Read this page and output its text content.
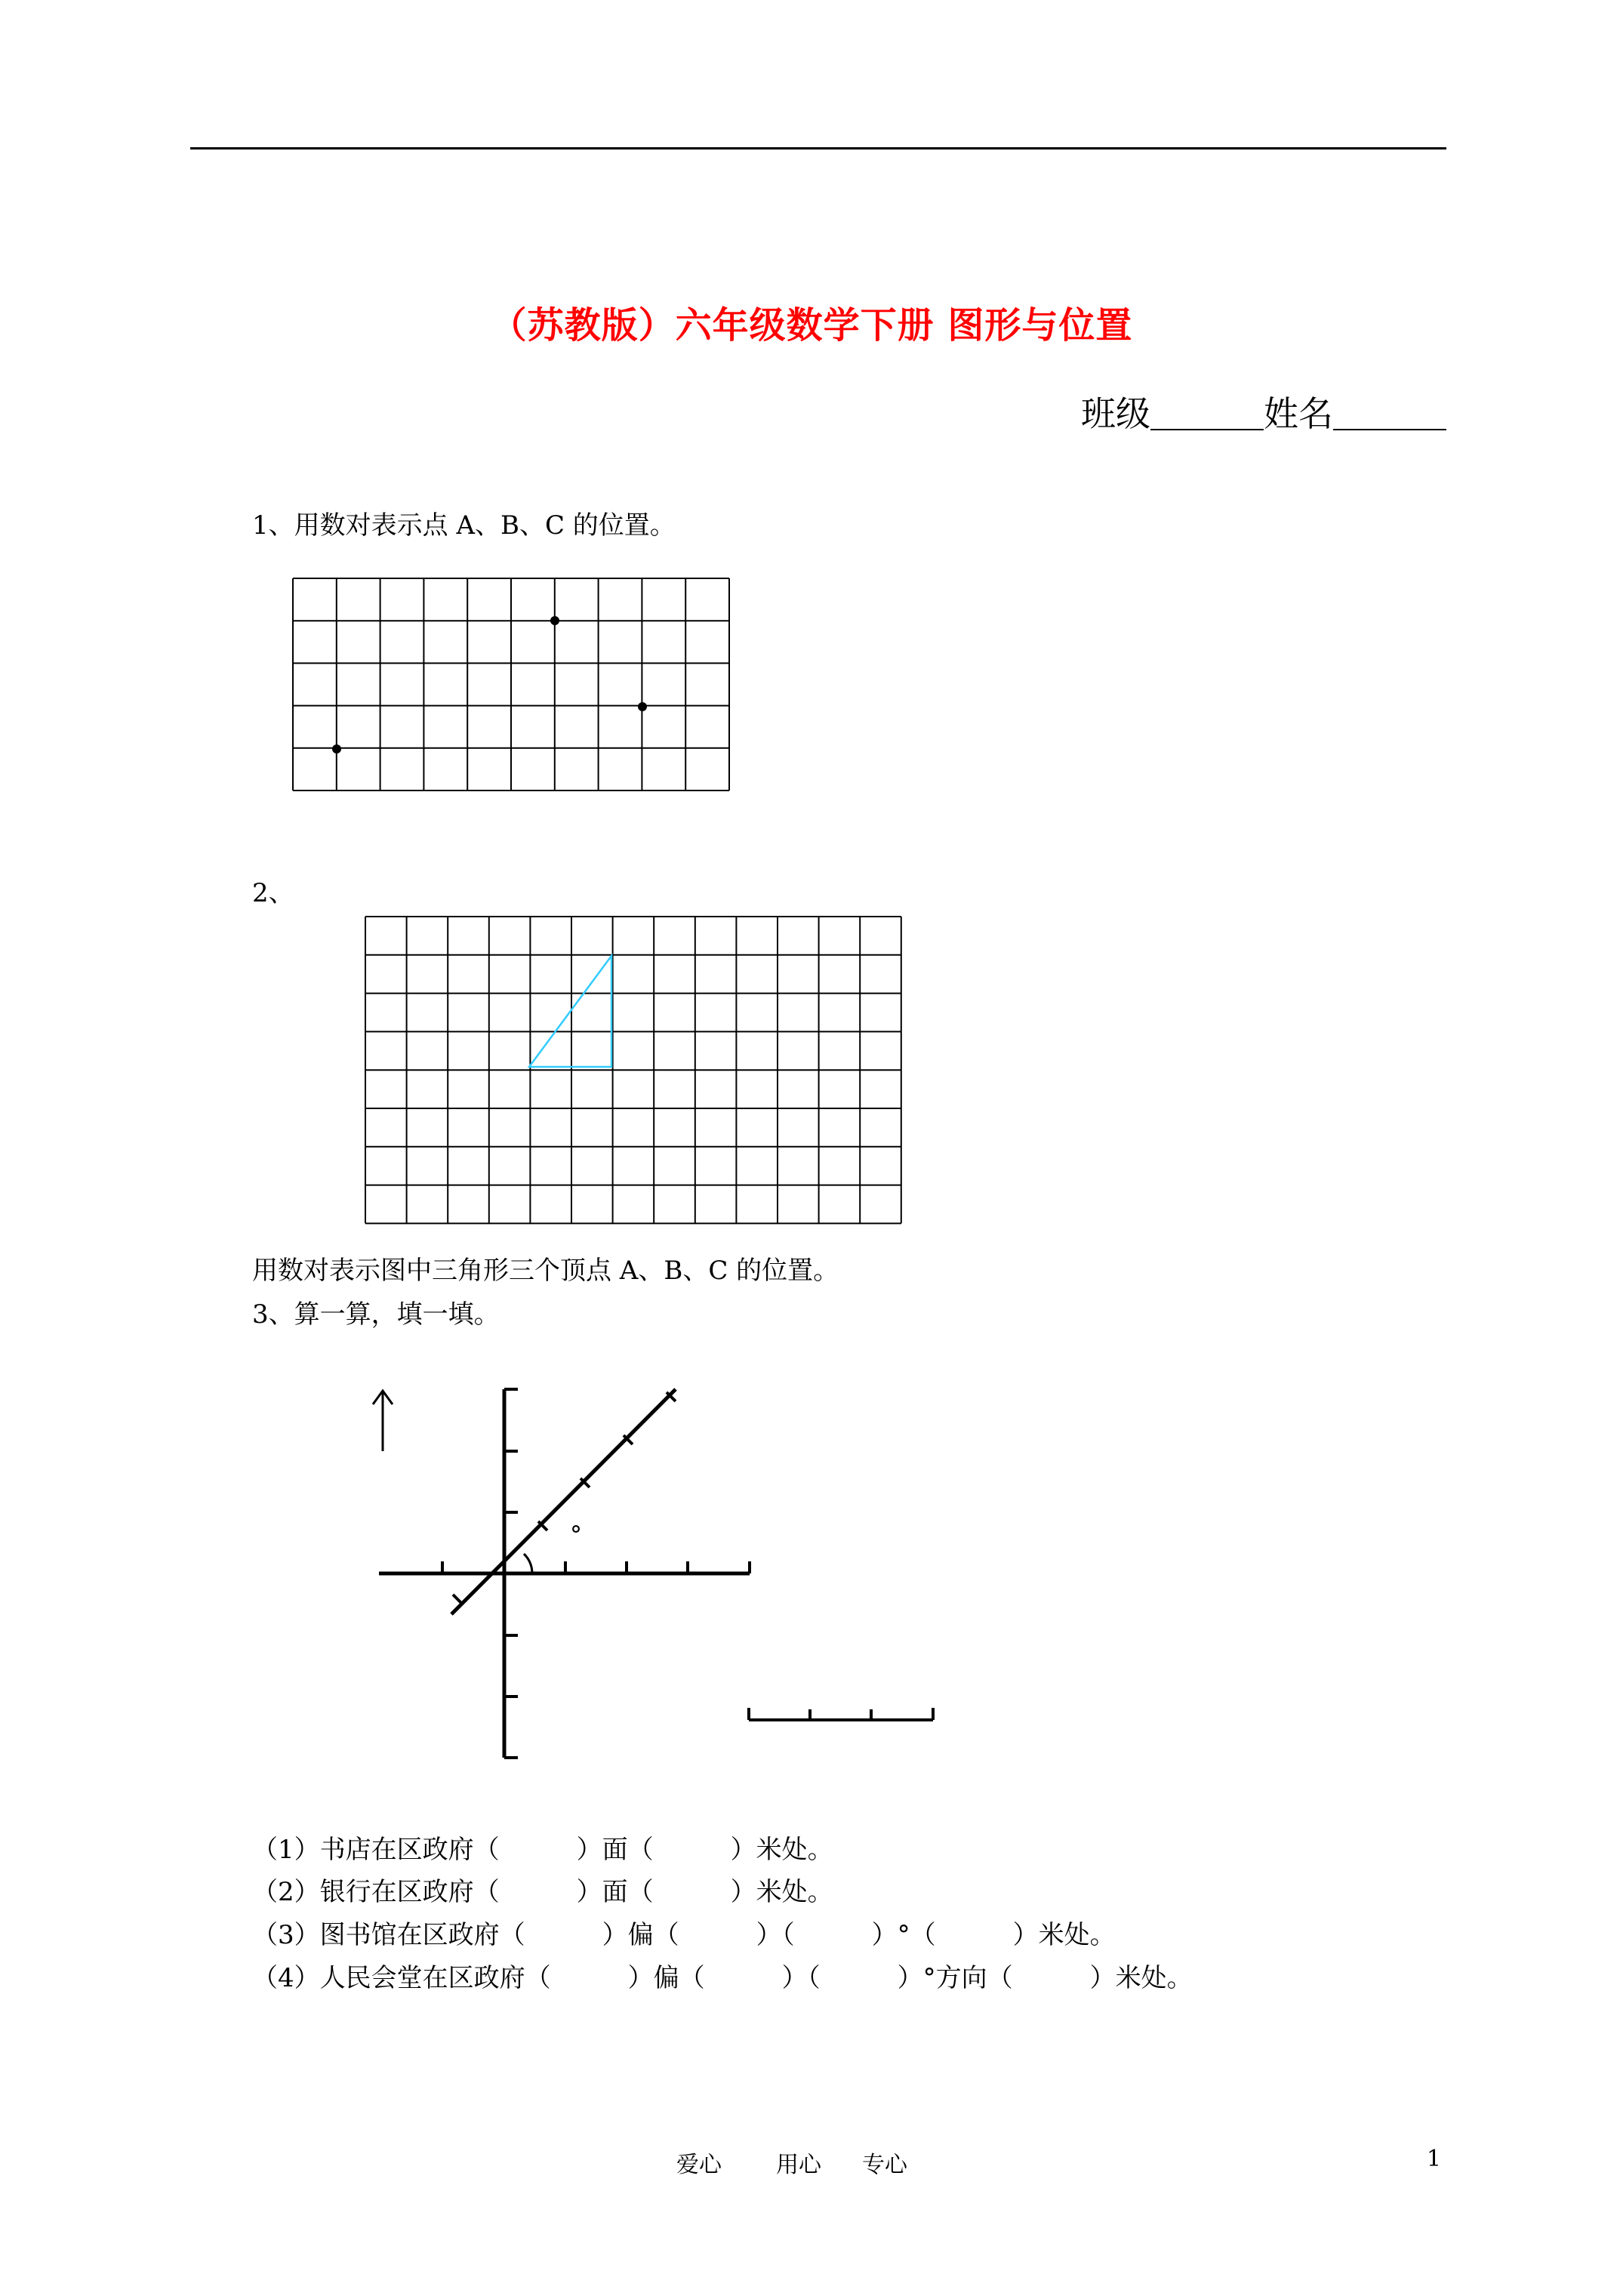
（苏教版）六年级数学下册 图形与位置
班级	姓名
1、用数对表示点 A、B、C 的位置。
2、
用数对表示图中三角形三个顶点 A、B、C 的位置。
3、算一算，填一填。
°
（1）书店在区政府（　　　）面（　　　）米处。
（2）银行在区政府（　　　）面（　　　）米处。
（3）图书馆在区政府（　　　）偏（　　　）（　　　）°（　　　）米处。
（4）人民会堂在区政府（　　　）偏（　　　）（　　　）°方向（　　　）米处。
爱心 用心 专心	1
